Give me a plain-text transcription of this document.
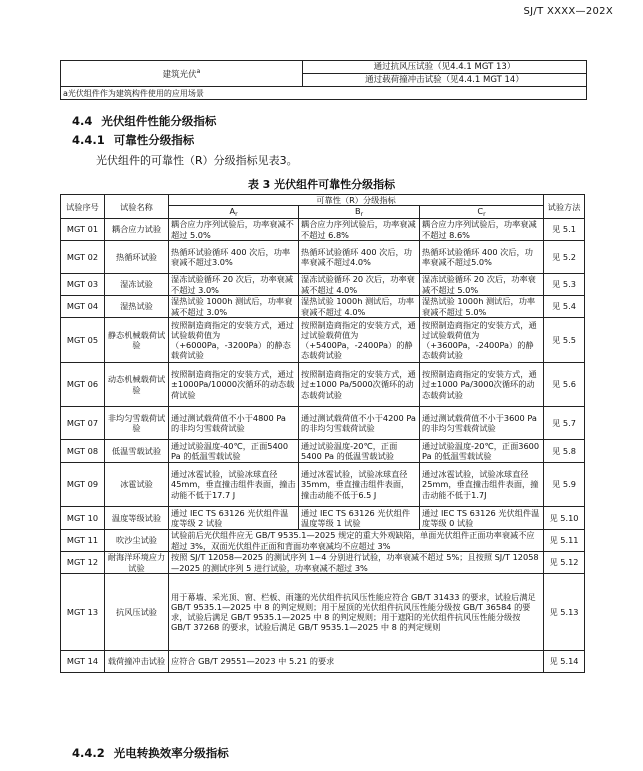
SJ/T XXXX—202X
建筑光伏$^a$	通过抗风压试验（见4.4.1 MGT 13）
通过载荷撞冲击试验（见4.4.1 MGT 14）
a光伏组件作为建筑构件使用的应用场景
4.4 光伏组件性能分级指标
4.4.1 可靠性分级指标
光伏组件的可靠性（R）分级指标见表3。
表 3 光伏组件可靠性分级指标
试验序号	试验名称	可靠性（R）分级指标			试验方法
		$A_r$	$B_r$	$C_r$
MGT 01	耦合应力试验	耦合应力序列试验后，功率衰减不超过 5.0%	耦合应力序列试验后，功率衰减不超过 6.8%	耦合应力序列试验后，功率衰减不超过 8.6%	见 5.1
MGT 02	热循环试验	热循环试验循环 400 次后，功率衰减不超过3.0%	热循环试验循环 400 次后，功率衰减不超过4.0%	热循环试验循环 400 次后，功率衰减不超过5.0%	见 5.2
MGT 03	湿冻试验	湿冻试验循环 20 次后，功率衰减不超过 3.0%	湿冻试验循环 20 次后，功率衰减不超过 4.0%	湿冻试验循环 20 次后，功率衰减不超过 5.0%	见 5.3
MGT 04	湿热试验	湿热试验 1000h 测试后，功率衰减不超过 3.0%	湿热试验 1000h 测试后，功率衰减不超过 4.0%	湿热试验 1000h 测试后，功率衰减不超过 5.0%	见 5.4
MGT 05	静态机械载荷试验	按照制造商指定的安装方式，通过试验载荷值为（+6000Pa，-3200Pa）的静态载荷试验	按照制造商指定的安装方式，通过试验载荷值为（+5400Pa，-2400Pa）的静态载荷试验	按照制造商指定的安装方式，通过试验载荷值为（+3600Pa，-2400Pa）的静态载荷试验	见 5.5
MGT 06	动态机械载荷试验	按照制造商指定的安装方式，通过±1000Pa/10000次循环的动态载荷试验	按照制造商指定的安装方式，通过±1000 Pa/5000次循环的动态载荷试验	按照制造商指定的安装方式，通过±1000 Pa/3000次循环的动态载荷试验	见 5.6
MGT 07	非均匀雪载荷试验	通过测试载荷值不小于4800 Pa 的非均匀雪载荷试验	通过测试载荷值不小于4200 Pa 的非均匀雪载荷试验	通过测试载荷值不小于3600 Pa 的非均匀雪载荷试验	见 5.7
MGT 08	低温雪载试验	通过试验温度-40℃，正面5400 Pa 的低温雪载试验	通过试验温度-20℃，正面5400 Pa 的低温雪载试验	通过试验温度-20℃，正面3600 Pa 的低温雪载试验	见 5.8
MGT 09	冰雹试验	通过冰雹试验，试验冰球直径 45mm，垂直撞击组件表面，撞击动能不低于17.7 J	通过冰雹试验，试验冰球直径 35mm，垂直撞击组件表面，撞击动能不低于6.5 J	通过冰雹试验，试验冰球直径 25mm，垂直撞击组件表面，撞击动能不低于1.7J	见 5.9
MGT 10	温度等级试验	通过 IEC TS 63126 光伏组件温度等级 2 试验	通过 IEC TS 63126 光伏组件温度等级 1 试验	通过 IEC TS 63126 光伏组件温度等级 0 试验	见 5.10
MGT 11	吹沙尘试验	试验前后光伏组件应无 GB/T 9535.1—2025 规定的重大外观缺陷，单面光伏组件正面功率衰减不应超过 3%，双面光伏组件正面和背面功率衰减均不应超过 3%			见 5.11
MGT 12	耐海洋环境应力试验	按照 SJ/T 12058—2025 的测试序列 1~4 分别进行试验，功率衰减不超过 5%；且按照 SJ/T 12058—2025 的测试序列 5 进行试验，功率衰减不超过 3%			见 5.12
MGT 13	抗风压试验	用于幕墙、采光顶、窗、栏板、雨篷的光伏组件抗风压性能应符合 GB/T 31433 的要求，试验后满足 GB/T 9535.1—2025 中 8 的判定规则；用于屋顶的光伏组件抗风压性能分级按 GB/T 36584 的要求，试验后满足 GB/T 9535.1—2025 中 8 的判定规则；用于遮阳的光伏组件抗风压性能分级按 GB/T 37268 的要求，试验后满足 GB/T 9535.1—2025 中 8 的判定规则			见 5.13
MGT 14	载荷撞冲击试验	应符合 GB/T 29551—2023 中 5.21 的要求			见 5.14
4.4.2 光电转换效率分级指标
